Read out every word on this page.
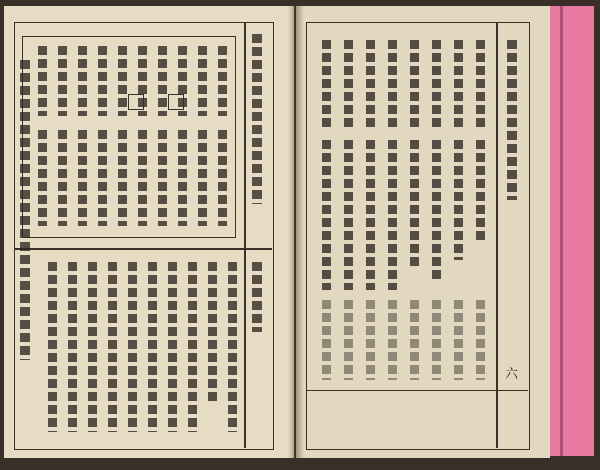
六
